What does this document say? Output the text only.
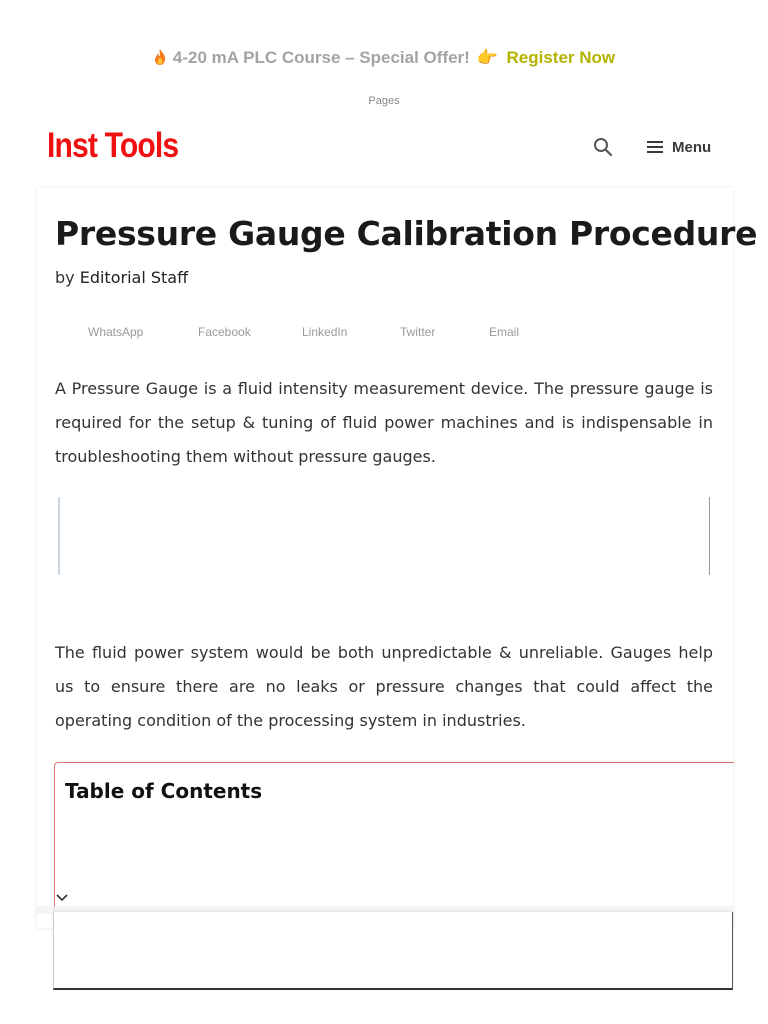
4-20 mA PLC Course – Special Offer! 👉 Register Now
Pages
Inst Tools	Menu
Pressure Gauge Calibration Procedure
by Editorial Staff
WhatsApp	Facebook	LinkedIn	Twitter	Email

A Pressure Gauge is a fluid intensity measurement device. The pressure gauge is required for the setup & tuning of fluid power machines and is indispensable in troubleshooting them without pressure gauges.

The fluid power system would be both unpredictable & unreliable. Gauges help us to ensure there are no leaks or pressure changes that could affect the operating condition of the processing system in industries.

Table of Contents
